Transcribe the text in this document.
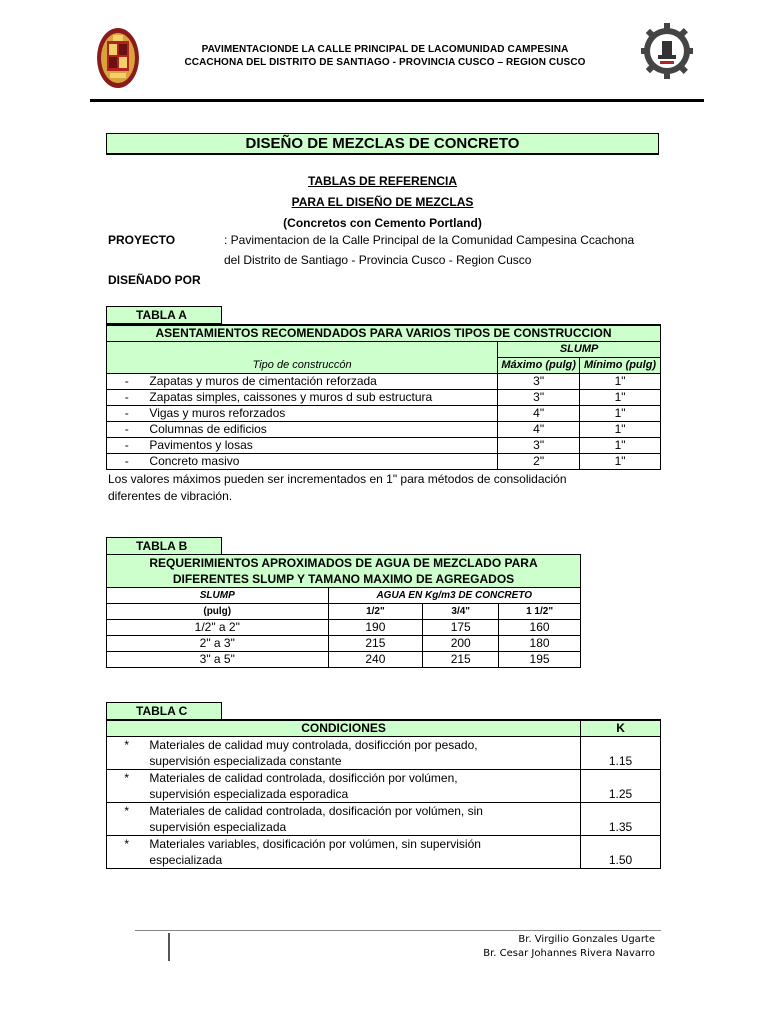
PAVIMENTACIONDE LA CALLE PRINCIPAL DE LACOMUNIDAD CAMPESINA
CCACHONA DEL DISTRITO DE SANTIAGO - PROVINCIA CUSCO – REGION CUSCO
DISEÑO DE MEZCLAS DE CONCRETO
TABLAS DE REFERENCIA
PARA EL DISEÑO DE MEZCLAS
(Concretos con Cemento Portland)
PROYECTO	: Pavimentacion de la Calle Principal de la Comunidad Campesina Ccachona
del Distrito de Santiago - Provincia Cusco - Region Cusco
DISEÑADO POR
TABLA A
ASENTAMIENTOS RECOMENDADOS PARA VARIOS TIPOS DE CONSTRUCCION			
Tipo de construccón		SLUMP	
		Máximo (pulg)	Mínimo (pulg)
-	Zapatas y muros de cimentación reforzada	3"	1"
-	Zapatas simples, caissones y muros d sub estructura	3"	1"
-	Vigas y muros reforzados	4"	1"
-	Columnas de edificios	4"	1"
-	Pavimentos y losas	3"	1"
-	Concreto masivo	2"	1"
Los valores máximos pueden ser incrementados en 1" para métodos de consolidación
diferentes de vibración.
TABLA B
REQUERIMIENTOS APROXIMADOS DE AGUA DE MEZCLADO PARA
DIFERENTES SLUMP Y TAMANO MAXIMO DE AGREGADOS			
SLUMP	AGUA EN Kg/m3 DE CONCRETO		
(pulg)	1/2"	3/4"	1 1/2"
1/2" a 2"	190	175	160
2" a 3"	215	200	180
3" a 5"	240	215	195
TABLA C
CONDICIONES		K
*	Materiales de calidad muy controlada, dosificción por pesado,
supervisión especializada constante	1.15
*	Materiales de calidad controlada, dosificción por volúmen,
supervisión especializada esporadica	1.25
*	Materiales de calidad controlada, dosificación por volúmen, sin
supervisión especializada	1.35
*	Materiales variables, dosificación por volúmen, sin supervisión
especializada	1.50
Br. Virgilio Gonzales Ugarte
Br. Cesar Johannes Rivera Navarro
